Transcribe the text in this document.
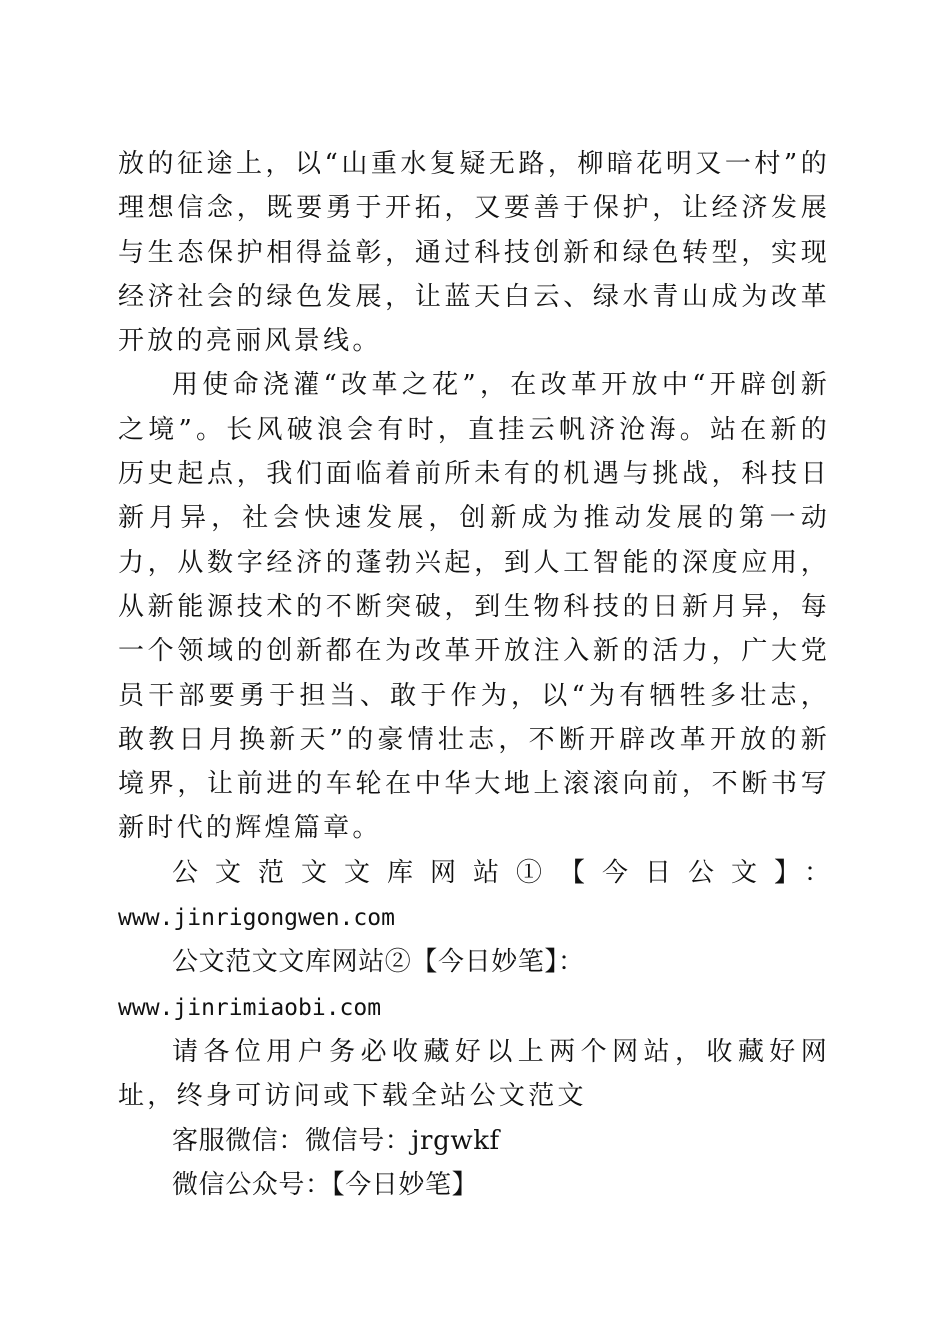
放的征途上，以“山重水复疑无路，柳暗花明又一村”的理想信念，既要勇于开拓，又要善于保护，让经济发展与生态保护相得益彰，通过科技创新和绿色转型，实现经济社会的绿色发展，让蓝天白云、绿水青山成为改革开放的亮丽风景线。

用使命浇灌“改革之花”，在改革开放中“开辟创新之境”。长风破浪会有时，直挂云帆济沧海。站在新的历史起点，我们面临着前所未有的机遇与挑战，科技日新月异，社会快速发展，创新成为推动发展的第一动力，从数字经济的蓬勃兴起，到人工智能的深度应用，从新能源技术的不断突破，到生物科技的日新月异，每一个领域的创新都在为改革开放注入新的活力，广大党员干部要勇于担当、敢于作为，以“为有牺牲多壮志，敢教日月换新天”的豪情壮志，不断开辟改革开放的新境界，让前进的车轮在中华大地上滚滚向前，不断书写新时代的辉煌篇章。

公文范文文库网站①【今日公文】：

www.jinrigongwen.com

公文范文文库网站②【今日妙笔】：www.jinrimiaobi.com

请各位用户务必收藏好以上两个网站，收藏好网址，终身可访问或下载全站公文范文

客服微信：微信号：jrgwkf

微信公众号：【今日妙笔】
